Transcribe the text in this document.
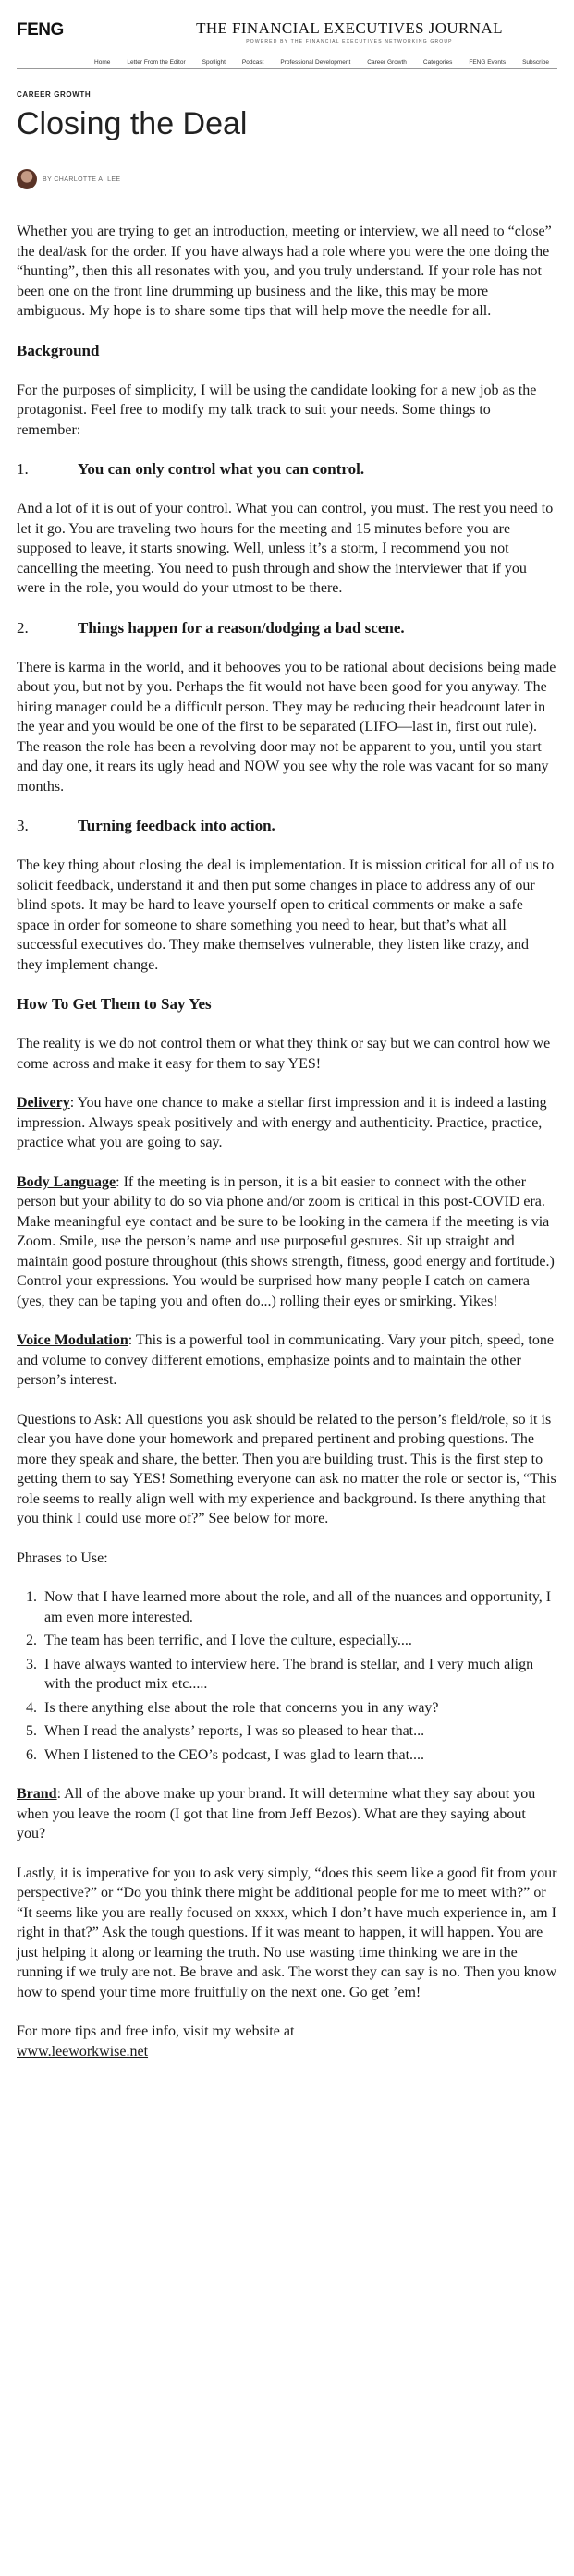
FENG	THE FINANCIAL EXECUTIVES JOURNAL
POWERED BY THE FINANCIAL EXECUTIVES NETWORKING GROUP
Home	Letter From the Editor	Spotlight	Podcast	Professional Development	Career Growth	Categories	FENG Events	Subscribe
CAREER GROWTH
Closing the Deal
BY CHARLOTTE A. LEE

Whether you are trying to get an introduction, meeting or interview, we all need to “close” the deal/ask for the order. If you have always had a role where you were the one doing the “hunting”, then this all resonates with you, and you truly understand. If your role has not been one on the front line drumming up business and the like, this may be more ambiguous. My hope is to share some tips that will help move the needle for all.

Background

For the purposes of simplicity, I will be using the candidate looking for a new job as the protagonist. Feel free to modify my talk track to suit your needs. Some things to remember:

1.	You can only control what you can control.

And a lot of it is out of your control. What you can control, you must. The rest you need to let it go. You are traveling two hours for the meeting and 15 minutes before you are supposed to leave, it starts snowing. Well, unless it’s a storm, I recommend you not cancelling the meeting. You need to push through and show the interviewer that if you were in the role, you would do your utmost to be there.

2.	Things happen for a reason/dodging a bad scene.

There is karma in the world, and it behooves you to be rational about decisions being made about you, but not by you. Perhaps the fit would not have been good for you anyway. The hiring manager could be a difficult person. They may be reducing their headcount later in the year and you would be one of the first to be separated (LIFO—last in, first out rule). The reason the role has been a revolving door may not be apparent to you, until you start and day one, it rears its ugly head and NOW you see why the role was vacant for so many months.

3.	Turning feedback into action.

The key thing about closing the deal is implementation. It is mission critical for all of us to solicit feedback, understand it and then put some changes in place to address any of our blind spots. It may be hard to leave yourself open to critical comments or make a safe space in order for someone to share something you need to hear, but that’s what all successful executives do. They make themselves vulnerable, they listen like crazy, and they implement change.

How To Get Them to Say Yes

The reality is we do not control them or what they think or say but we can control how we come across and make it easy for them to say YES!

Delivery: You have one chance to make a stellar first impression and it is indeed a lasting impression. Always speak positively and with energy and authenticity. Practice, practice, practice what you are going to say.

Body Language: If the meeting is in person, it is a bit easier to connect with the other person but your ability to do so via phone and/or zoom is critical in this post-COVID era. Make meaningful eye contact and be sure to be looking in the camera if the meeting is via Zoom. Smile, use the person’s name and use purposeful gestures. Sit up straight and maintain good posture throughout (this shows strength, fitness, good energy and fortitude.) Control your expressions. You would be surprised how many people I catch on camera (yes, they can be taping you and often do...) rolling their eyes or smirking. Yikes!

Voice Modulation: This is a powerful tool in communicating. Vary your pitch, speed, tone and volume to convey different emotions, emphasize points and to maintain the other person’s interest.

Questions to Ask: All questions you ask should be related to the person’s field/role, so it is clear you have done your homework and prepared pertinent and probing questions. The more they speak and share, the better. Then you are building trust. This is the first step to getting them to say YES! Something everyone can ask no matter the role or sector is, “This role seems to really align well with my experience and background. Is there anything that you think I could use more of?” See below for more.

Phrases to Use:

1. Now that I have learned more about the role, and all of the nuances and opportunity, I am even more interested.
2. The team has been terrific, and I love the culture, especially....
3. I have always wanted to interview here. The brand is stellar, and I very much align with the product mix etc.....
4. Is there anything else about the role that concerns you in any way?
5. When I read the analysts’ reports, I was so pleased to hear that...
6. When I listened to the CEO’s podcast, I was glad to learn that....

Brand: All of the above make up your brand. It will determine what they say about you when you leave the room (I got that line from Jeff Bezos). What are they saying about you?

Lastly, it is imperative for you to ask very simply, “does this seem like a good fit from your perspective?” or “Do you think there might be additional people for me to meet with?” or “It seems like you are really focused on xxxx, which I don’t have much experience in, am I right in that?” Ask the tough questions. If it was meant to happen, it will happen. You are just helping it along or learning the truth. No use wasting time thinking we are in the running if we truly are not. Be brave and ask. The worst they can say is no. Then you know how to spend your time more fruitfully on the next one. Go get ’em!

For more tips and free info, visit my website at
www.leeworkwise.net
